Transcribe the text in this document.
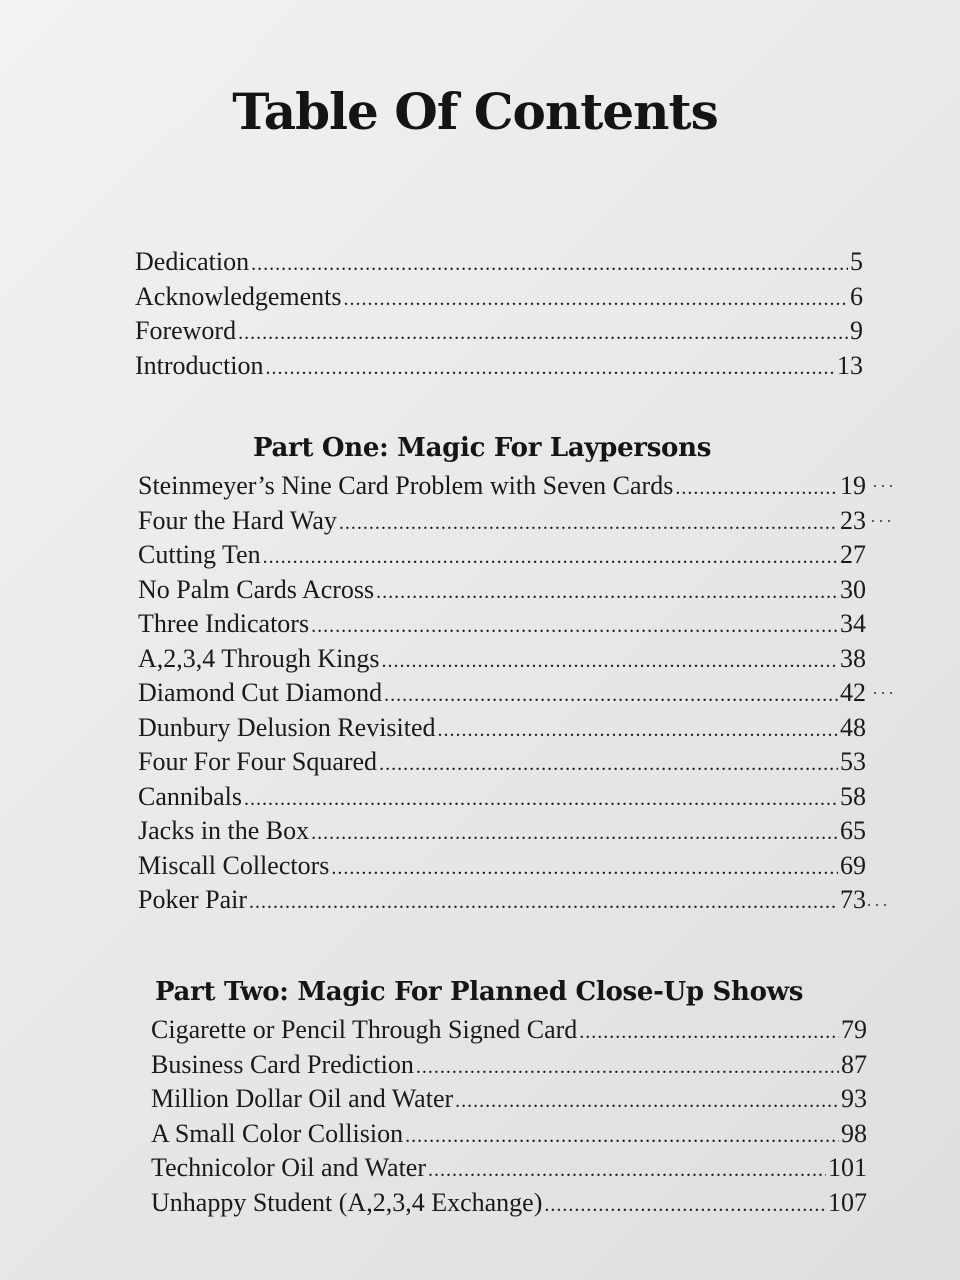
Table Of Contents
Dedication .....	5
Acknowledgements .....	6
Foreword .....	9
Introduction .....	13
Part One: Magic For Laypersons
Steinmeyer’s Nine Card Problem with Seven Cards .....	19
Four the Hard Way .....	23
Cutting Ten .....	27
No Palm Cards Across .....	30
Three Indicators .....	34
A,2,3,4 Through Kings .....	38
Diamond Cut Diamond .....	42
Dunbury Delusion Revisited .....	48
Four For Four Squared .....	53
Cannibals .....	58
Jacks in the Box .....	65
Miscall Collectors .....	69
Poker Pair .....	73
Part Two: Magic For Planned Close-Up Shows
Cigarette or Pencil Through Signed Card .....	79
Business Card Prediction .....	87
Million Dollar Oil and Water .....	93
A Small Color Collision .....	98
Technicolor Oil and Water .....	101
Unhappy Student (A,2,3,4 Exchange) .....	107
···
···
···
···
